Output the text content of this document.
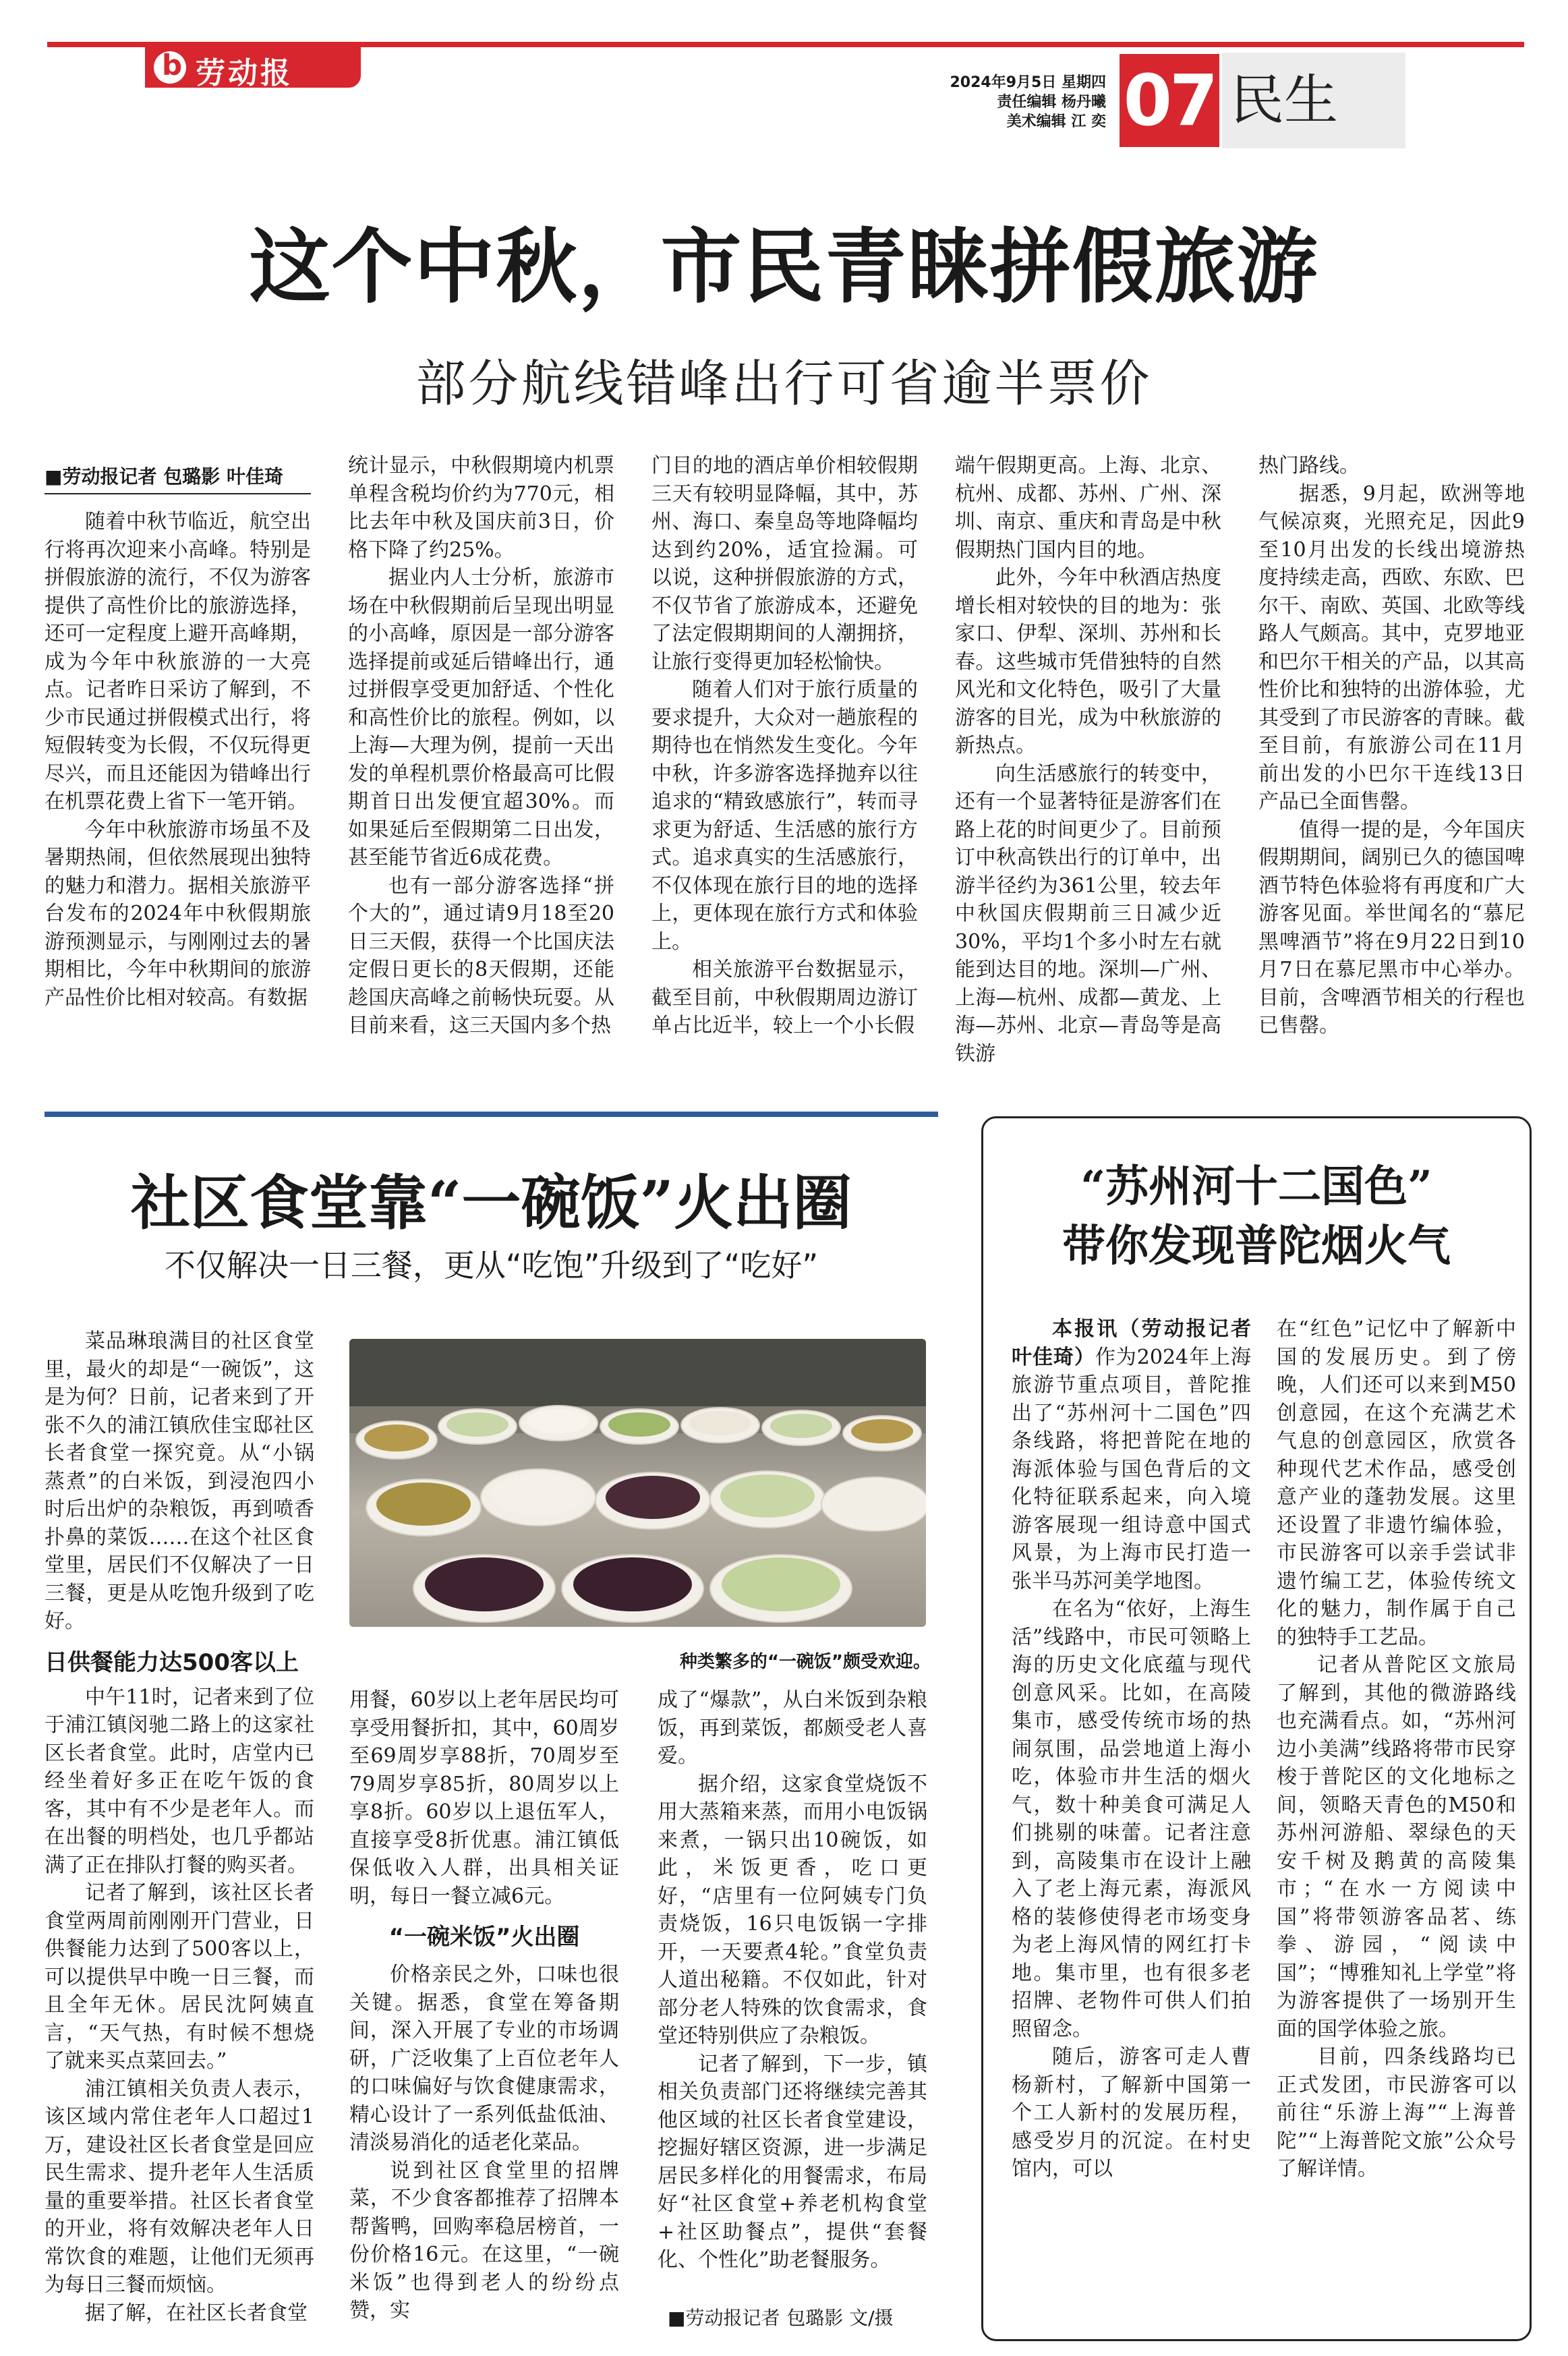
b
劳动报	2024年9月5日 星期四
责任编辑 杨丹曦
美术编辑 江 奕 07 民生
这个中秋，市民青睐拼假旅游
部分航线错峰出行可省逾半票价
■劳动报记者 包璐影 叶佳琦

随着中秋节临近，航空出行将再次迎来小高峰。特别是拼假旅游的流行，不仅为游客提供了高性价比的旅游选择，还可一定程度上避开高峰期，成为今年中秋旅游的一大亮点。记者昨日采访了解到，不少市民通过拼假模式出行，将短假转变为长假，不仅玩得更尽兴，而且还能因为错峰出行在机票花费上省下一笔开销。

今年中秋旅游市场虽不及暑期热闹，但依然展现出独特的魅力和潜力。据相关旅游平台发布的2024年中秋假期旅游预测显示，与刚刚过去的暑期相比，今年中秋期间的旅游产品性价比相对较高。有数据

统计显示，中秋假期境内机票单程含税均价约为770元，相比去年中秋及国庆前3日，价格下降了约25%。

据业内人士分析，旅游市场在中秋假期前后呈现出明显的小高峰，原因是一部分游客选择提前或延后错峰出行，通过拼假享受更加舒适、个性化和高性价比的旅程。例如，以上海—大理为例，提前一天出发的单程机票价格最高可比假期首日出发便宜超30%。而如果延后至假期第二日出发，甚至能节省近6成花费。

也有一部分游客选择“拼个大的”，通过请9月18至20日三天假，获得一个比国庆法定假日更长的8天假期，还能趁国庆高峰之前畅快玩耍。从目前来看，这三天国内多个热

门目的地的酒店单价相较假期三天有较明显降幅，其中，苏州、海口、秦皇岛等地降幅均达到约20%，适宜捡漏。可以说，这种拼假旅游的方式，不仅节省了旅游成本，还避免了法定假期期间的人潮拥挤，让旅行变得更加轻松愉快。

随着人们对于旅行质量的要求提升，大众对一趟旅程的期待也在悄然发生变化。今年中秋，许多游客选择抛弃以往追求的“精致感旅行”，转而寻求更为舒适、生活感的旅行方式。追求真实的生活感旅行，不仅体现在旅行目的地的选择上，更体现在旅行方式和体验上。

相关旅游平台数据显示，截至目前，中秋假期周边游订单占比近半，较上一个小长假

端午假期更高。上海、北京、杭州、成都、苏州、广州、深圳、南京、重庆和青岛是中秋假期热门国内目的地。

此外，今年中秋酒店热度增长相对较快的目的地为：张家口、伊犁、深圳、苏州和长春。这些城市凭借独特的自然风光和文化特色，吸引了大量游客的目光，成为中秋旅游的新热点。

向生活感旅行的转变中，还有一个显著特征是游客们在路上花的时间更少了。目前预订中秋高铁出行的订单中，出游半径约为361公里，较去年中秋国庆假期前三日减少近30%，平均1个多小时左右就能到达目的地。深圳—广州、上海—杭州、成都—黄龙、上海—苏州、北京—青岛等是高铁游

热门路线。

据悉，9月起，欧洲等地气候凉爽，光照充足，因此9至10月出发的长线出境游热度持续走高，西欧、东欧、巴尔干、南欧、英国、北欧等线路人气颇高。其中，克罗地亚和巴尔干相关的产品，以其高性价比和独特的出游体验，尤其受到了市民游客的青睐。截至目前，有旅游公司在11月前出发的小巴尔干连线13日产品已全面售罄。

值得一提的是，今年国庆假期期间，阔别已久的德国啤酒节特色体验将有再度和广大游客见面。举世闻名的“慕尼黑啤酒节”将在9月22日到10月7日在慕尼黑市中心举办。目前，含啤酒节相关的行程也已售罄。

社区食堂靠“一碗饭”火出圈
不仅解决一日三餐，更从“吃饱”升级到了“吃好”

菜品琳琅满目的社区食堂里，最火的却是“一碗饭”，这是为何？日前，记者来到了开张不久的浦江镇欣佳宝邸社区长者食堂一探究竟。从“小锅蒸煮”的白米饭，到浸泡四小时后出炉的杂粮饭，再到喷香扑鼻的菜饭……在这个社区食堂里，居民们不仅解决了一日三餐，更是从吃饱升级到了吃好。

日供餐能力达500客以上

中午11时，记者来到了位于浦江镇闵驰二路上的这家社区长者食堂。此时，店堂内已经坐着好多正在吃午饭的食客，其中有不少是老年人。而在出餐的明档处，也几乎都站满了正在排队打餐的购买者。

记者了解到，该社区长者食堂两周前刚刚开门营业，日供餐能力达到了500客以上，可以提供早中晚一日三餐，而且全年无休。居民沈阿姨直言，“天气热，有时候不想烧了就来买点菜回去。”

浦江镇相关负责人表示，该区域内常住老年人口超过1万，建设社区长者食堂是回应民生需求、提升老年人生活质量的重要举措。社区长者食堂的开业，将有效解决老年人日常饮食的难题，让他们无须再为每日三餐而烦恼。

据了解，在社区长者食堂

种类繁多的“一碗饭”颇受欢迎。

用餐，60岁以上老年居民均可享受用餐折扣，其中，60周岁至69周岁享88折，70周岁至79周岁享85折，80周岁以上享8折。60岁以上退伍军人，直接享受8折优惠。浦江镇低保低收入人群，出具相关证明，每日一餐立减6元。

“一碗米饭”火出圈

价格亲民之外，口味也很关键。据悉，食堂在筹备期间，深入开展了专业的市场调研，广泛收集了上百位老年人的口味偏好与饮食健康需求，精心设计了一系列低盐低油、清淡易消化的适老化菜品。

说到社区食堂里的招牌菜，不少食客都推荐了招牌本帮酱鸭，回购率稳居榜首，一份价格16元。在这里，“一碗米饭”也得到老人的纷纷点赞，实

成了“爆款”，从白米饭到杂粮饭，再到菜饭，都颇受老人喜爱。

据介绍，这家食堂烧饭不用大蒸箱来蒸，而用小电饭锅来煮，一锅只出10碗饭，如此，米饭更香，吃口更好，“店里有一位阿姨专门负责烧饭，16只电饭锅一字排开，一天要煮4轮。”食堂负责人道出秘籍。不仅如此，针对部分老人特殊的饮食需求，食堂还特别供应了杂粮饭。

记者了解到，下一步，镇相关负责部门还将继续完善其他区域的社区长者食堂建设，挖掘好辖区资源，进一步满足居民多样化的用餐需求，布局好“社区食堂+养老机构食堂+社区助餐点”，提供“套餐化、个性化”助老餐服务。

■劳动报记者 包璐影 文/摄
“苏州河十二国色”
带你发现普陀烟火气

本报讯（劳动报记者 叶佳琦）作为2024年上海旅游节重点项目，普陀推出了“苏州河十二国色”四条线路，将把普陀在地的海派体验与国色背后的文化特征联系起来，向入境游客展现一组诗意中国式风景，为上海市民打造一张半马苏河美学地图。

在名为“依好，上海生活”线路中，市民可领略上海的历史文化底蕴与现代创意风采。比如，在高陵集市，感受传统市场的热闹氛围，品尝地道上海小吃，体验市井生活的烟火气，数十种美食可满足人们挑剔的味蕾。记者注意到，高陵集市在设计上融入了老上海元素，海派风格的装修使得老市场变身为老上海风情的网红打卡地。集市里，也有很多老招牌、老物件可供人们拍照留念。

随后，游客可走人曹杨新村，了解新中国第一个工人新村的发展历程，感受岁月的沉淀。在村史馆内，可以

在“红色”记忆中了解新中国的发展历史。到了傍晚，人们还可以来到M50创意园，在这个充满艺术气息的创意园区，欣赏各种现代艺术作品，感受创意产业的蓬勃发展。这里还设置了非遗竹编体验，市民游客可以亲手尝试非遗竹编工艺，体验传统文化的魅力，制作属于自己的独特手工艺品。

记者从普陀区文旅局了解到，其他的微游路线也充满看点。如，“苏州河边小美满”线路将带市民穿梭于普陀区的文化地标之间，领略天青色的M50和苏州河游船、翠绿色的天安千树及鹅黄的高陵集市；“在水一方阅读中国”将带领游客品茗、练拳、游园，“阅读中国”；“博雅知礼上学堂”将为游客提供了一场别开生面的国学体验之旅。

目前，四条线路均已正式发团，市民游客可以前往“乐游上海”“上海普陀”“上海普陀文旅”公众号了解详情。
